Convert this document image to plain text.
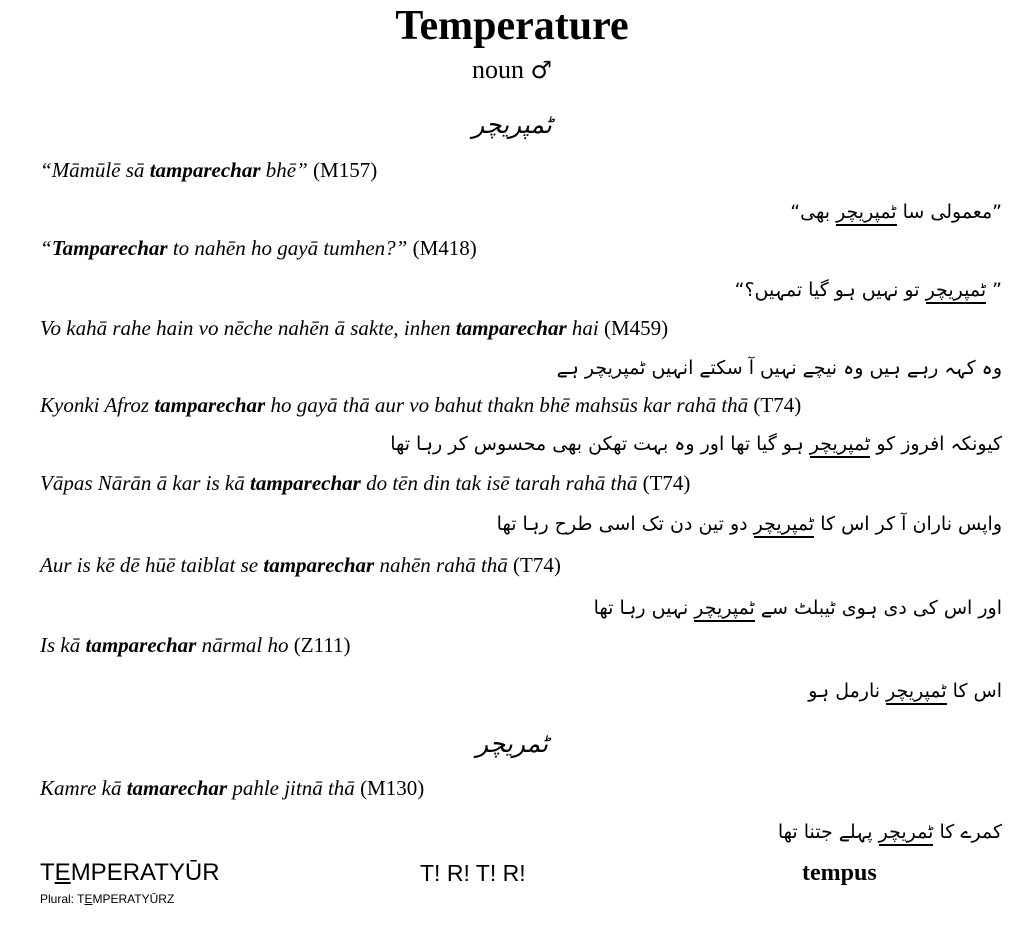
Temperature
noun ♂
ٹمپریچر
“Māmūlē sā tamparechar bhē” (M157)
”معمولی سا ٹمپریچر بھی“
“Tamparechar to nahēn ho gayā tumhen?” (M418)
” ٹمپریچر تو نہیں ہو گیا تمہیں؟“
Vo kahā rahe hain vo nēche nahēn ā sakte, inhen tamparechar hai (M459)
وہ کہہ رہے ہیں وہ نیچے نہیں آ سکتے انہیں ٹمپریچر ہے
Kyonki Afroz tamparechar ho gayā thā aur vo bahut thakn bhē mahsūs kar rahā thā (T74)
کیونکہ افروز کو ٹمپریچر ہو گیا تھا اور وہ بہت تھکن بھی محسوس کر رہا تھا
Vāpas Nārān ā kar is kā tamparechar do tēn din tak isē tarah rahā thā (T74)
واپس ناران آ کر اس کا ٹمپریچر دو تین دن تک اسی طرح رہا تھا
Aur is kē dē hūē taiblat se tamparechar nahēn rahā thā (T74)
اور اس کی دی ہوی ٹیبلٹ سے ٹمپریچر نہیں رہا تھا
Is kā tamparechar nārmal ho (Z111)
اس کا ٹمپریچر نارمل ہو
ٹمریچر
Kamre kā tamarechar pahle jitnā thā (M130)
کمرے کا ٹمریچر پہلے جتنا تھا
TEMPERATYŪR
Plural: TEMPERATYŪRZ
T! R! T! R!	tempus
